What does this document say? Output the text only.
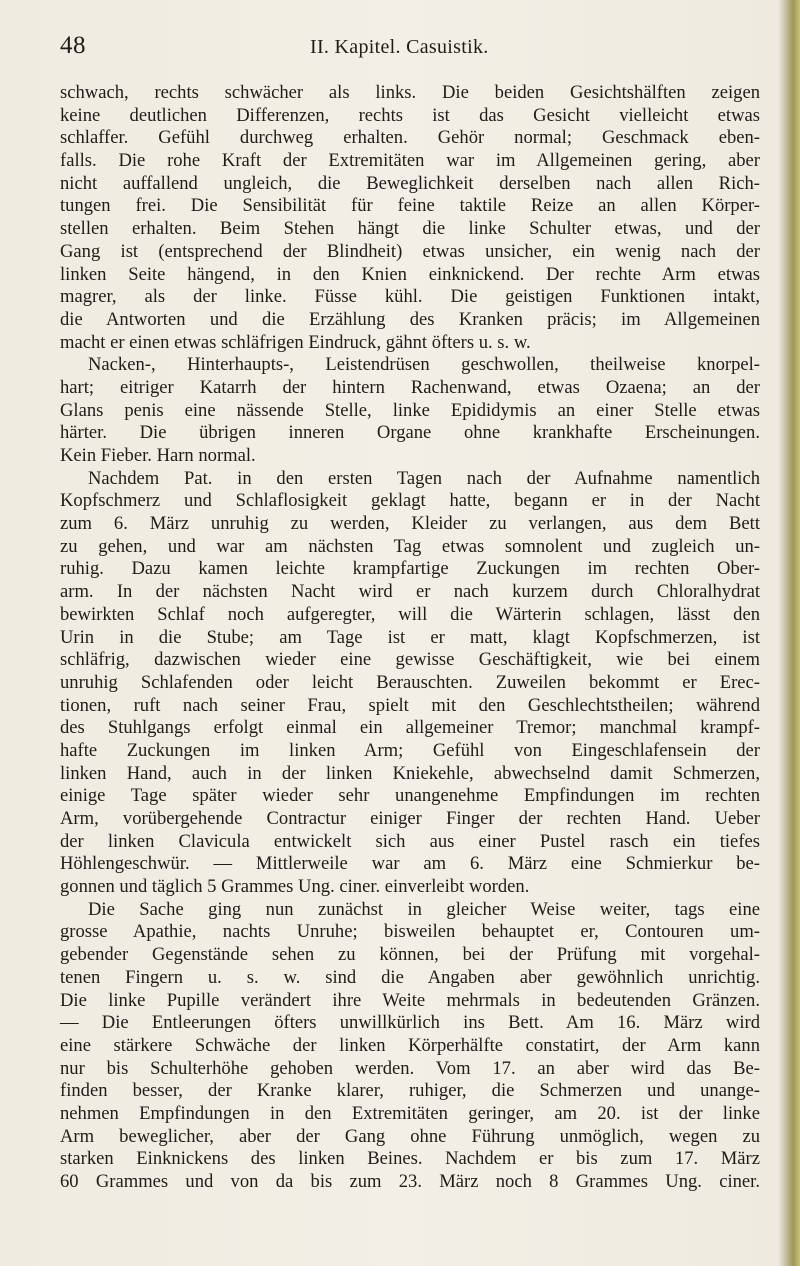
48	II. Kapitel. Casuistik.
schwach, rechts schwächer als links. Die beiden Gesichtshälften zeigen
keine deutlichen Differenzen, rechts ist das Gesicht vielleicht etwas
schlaffer. Gefühl durchweg erhalten. Gehör normal; Geschmack eben-
falls. Die rohe Kraft der Extremitäten war im Allgemeinen gering, aber
nicht auffallend ungleich, die Beweglichkeit derselben nach allen Rich-
tungen frei. Die Sensibilität für feine taktile Reize an allen Körper-
stellen erhalten. Beim Stehen hängt die linke Schulter etwas, und der
Gang ist (entsprechend der Blindheit) etwas unsicher, ein wenig nach der
linken Seite hängend, in den Knien einknickend. Der rechte Arm etwas
magrer, als der linke. Füsse kühl. Die geistigen Funktionen intakt,
die Antworten und die Erzählung des Kranken präcis; im Allgemeinen
macht er einen etwas schläfrigen Eindruck, gähnt öfters u. s. w.
Nacken-, Hinterhaupts-, Leistendrüsen geschwollen, theilweise knorpel-
hart; eitriger Katarrh der hintern Rachenwand, etwas Ozaena; an der
Glans penis eine nässende Stelle, linke Epididymis an einer Stelle etwas
härter. Die übrigen inneren Organe ohne krankhafte Erscheinungen.
Kein Fieber. Harn normal.
Nachdem Pat. in den ersten Tagen nach der Aufnahme namentlich
Kopfschmerz und Schlaflosigkeit geklagt hatte, begann er in der Nacht
zum 6. März unruhig zu werden, Kleider zu verlangen, aus dem Bett
zu gehen, und war am nächsten Tag etwas somnolent und zugleich un-
ruhig. Dazu kamen leichte krampfartige Zuckungen im rechten Ober-
arm. In der nächsten Nacht wird er nach kurzem durch Chloralhydrat
bewirkten Schlaf noch aufgeregter, will die Wärterin schlagen, lässt den
Urin in die Stube; am Tage ist er matt, klagt Kopfschmerzen, ist
schläfrig, dazwischen wieder eine gewisse Geschäftigkeit, wie bei einem
unruhig Schlafenden oder leicht Berauschten. Zuweilen bekommt er Erec-
tionen, ruft nach seiner Frau, spielt mit den Geschlechtstheilen; während
des Stuhlgangs erfolgt einmal ein allgemeiner Tremor; manchmal krampf-
hafte Zuckungen im linken Arm; Gefühl von Eingeschlafensein der
linken Hand, auch in der linken Kniekehle, abwechselnd damit Schmerzen,
einige Tage später wieder sehr unangenehme Empfindungen im rechten
Arm, vorübergehende Contractur einiger Finger der rechten Hand. Ueber
der linken Clavicula entwickelt sich aus einer Pustel rasch ein tiefes
Höhlengeschwür. — Mittlerweile war am 6. März eine Schmierkur be-
gonnen und täglich 5 Grammes Ung. ciner. einverleibt worden.
Die Sache ging nun zunächst in gleicher Weise weiter, tags eine
grosse Apathie, nachts Unruhe; bisweilen behauptet er, Contouren um-
gebender Gegenstände sehen zu können, bei der Prüfung mit vorgehal-
tenen Fingern u. s. w. sind die Angaben aber gewöhnlich unrichtig.
Die linke Pupille verändert ihre Weite mehrmals in bedeutenden Gränzen.
— Die Entleerungen öfters unwillkürlich ins Bett. Am 16. März wird
eine stärkere Schwäche der linken Körperhälfte constatirt, der Arm kann
nur bis Schulterhöhe gehoben werden. Vom 17. an aber wird das Be-
finden besser, der Kranke klarer, ruhiger, die Schmerzen und unange-
nehmen Empfindungen in den Extremitäten geringer, am 20. ist der linke
Arm beweglicher, aber der Gang ohne Führung unmöglich, wegen zu
starken Einknickens des linken Beines. Nachdem er bis zum 17. März
60 Grammes und von da bis zum 23. März noch 8 Grammes Ung. ciner.
